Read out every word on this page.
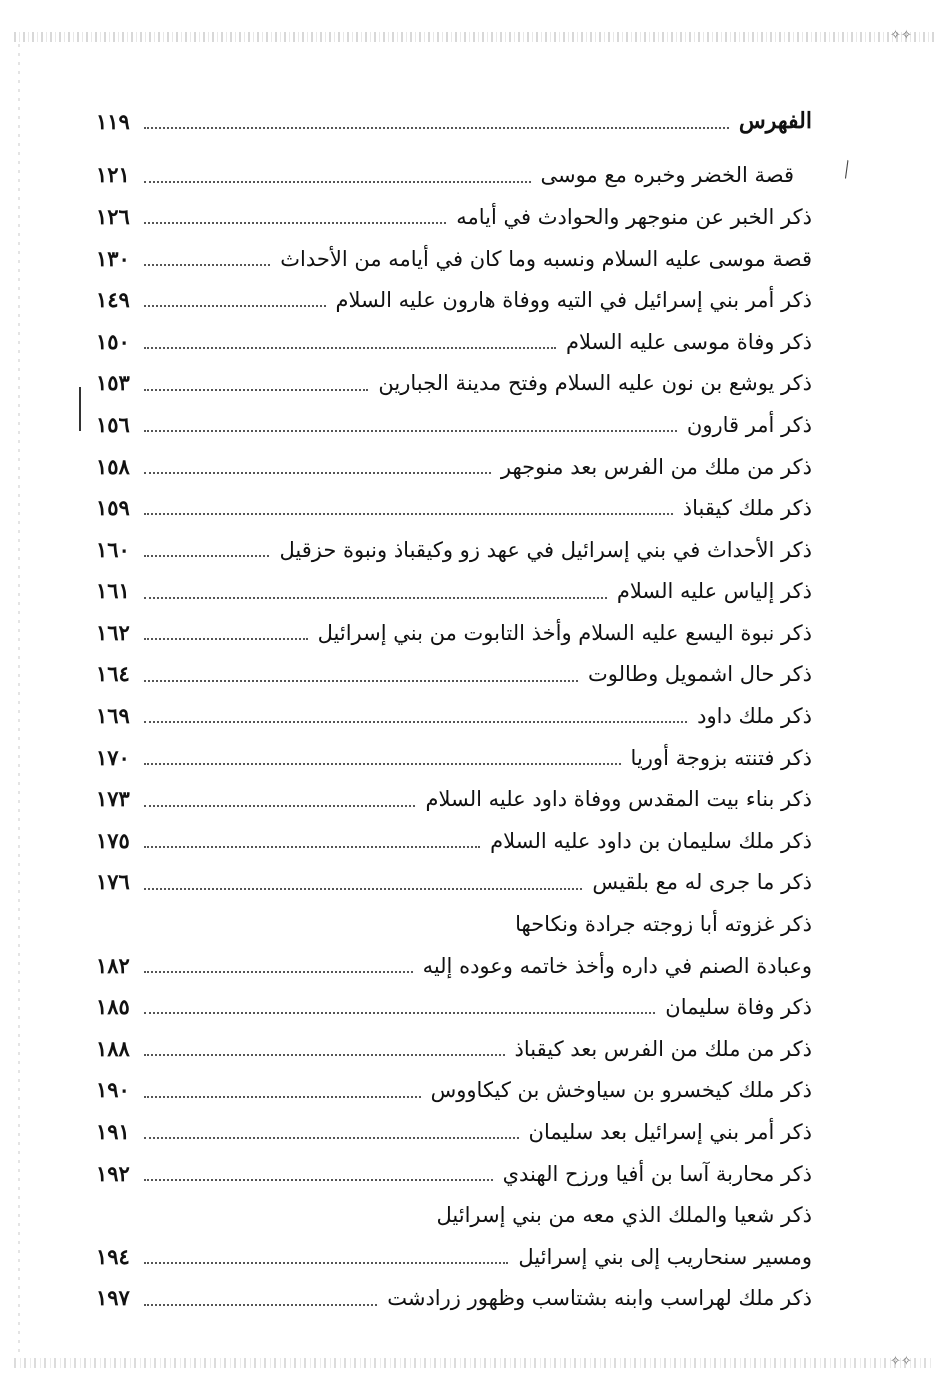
✧✧
✧✧
╲
الفهرس
١١٩
قصة الخضر وخبره مع موسى
١٢١
ذكر الخبر عن منوجهر والحوادث في أيامه
١٢٦
قصة موسى عليه السلام ونسبه وما كان في أيامه من الأحداث
١٣٠
ذكر أمر بني إسرائيل في التيه ووفاة هارون عليه السلام
١٤٩
ذكر وفاة موسى عليه السلام
١٥٠
ذكر يوشع بن نون عليه السلام وفتح مدينة الجبارين
١٥٣
ذكر أمر قارون
١٥٦
ذكر من ملك من الفرس بعد منوجهر
١٥٨
ذكر ملك كيقباذ
١٥٩
ذكر الأحداث في بني إسرائيل في عهد زو وكيقباذ ونبوة حزقيل
١٦٠
ذكر إلياس عليه السلام
١٦١
ذكر نبوة اليسع عليه السلام وأخذ التابوت من بني إسرائيل
١٦٢
ذكر حال اشمويل وطالوت
١٦٤
ذكر ملك داود
١٦٩
ذكر فتنته بزوجة أوريا
١٧٠
ذكر بناء بيت المقدس ووفاة داود عليه السلام
١٧٣
ذكر ملك سليمان بن داود عليه السلام
١٧٥
ذكر ما جرى له مع بلقيس
١٧٦
ذكر غزوته أبا زوجته جرادة ونكاحها
وعبادة الصنم في داره وأخذ خاتمه وعوده إليه
١٨٢
ذكر وفاة سليمان
١٨٥
ذكر من ملك من الفرس بعد كيقباذ
١٨٨
ذكر ملك كيخسرو بن سياوخش بن كيكاووس
١٩٠
ذكر أمر بني إسرائيل بعد سليمان
١٩١
ذكر محاربة آسا بن أفيا ورزح الهندي
١٩٢
ذكر شعيا والملك الذي معه من بني إسرائيل
ومسير سنحاريب إلى بني إسرائيل
١٩٤
ذكر ملك لهراسب وابنه بشتاسب وظهور زرادشت
١٩٧
